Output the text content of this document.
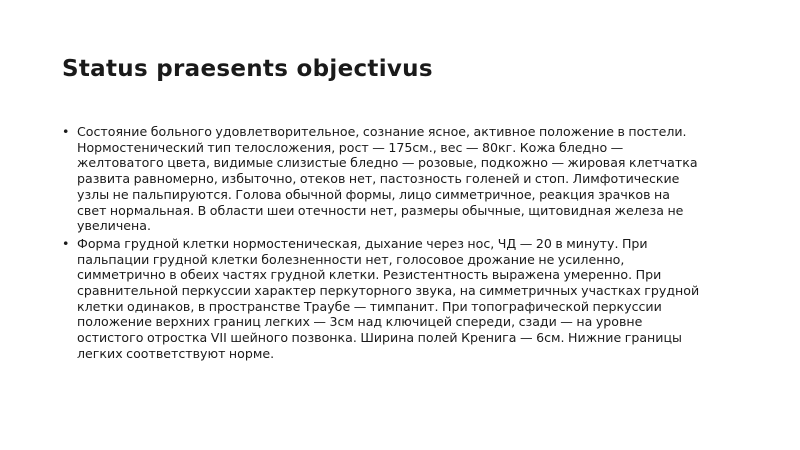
Status praesents objectivus
• Состояние больного удовлетворительное, сознание ясное, активное положение в постели. Нормостенический тип телосложения, рост — 175см., вес — 80кг. Кожа бледно — желтоватого цвета, видимые слизистые бледно — розовые, подкожно — жировая клетчатка развита равномерно, избыточно, отеков нет, пастозность голеней и стоп. Лимфотические узлы не пальпируются. Голова обычной формы, лицо симметричное, реакция зрачков на свет нормальная. В области шеи отечности нет, размеры обычные, щитовидная железа не увеличена.
• Форма грудной клетки нормостеническая, дыхание через нос, ЧД — 20 в минуту. При пальпации грудной клетки болезненности нет, голосовое дрожание не усиленно, симметрично в обеих частях грудной клетки. Резистентность выражена умеренно. При сравнительной перкуссии характер перкуторного звука, на симметричных участках грудной клетки одинаков, в пространстве Траубе — тимпанит. При топографической перкуссии положение верхних границ легких — 3см над ключицей спереди, сзади — на уровне остистого отростка VII шейного позвонка. Ширина полей Кренига — 6см. Нижние границы легких соответствуют норме.
